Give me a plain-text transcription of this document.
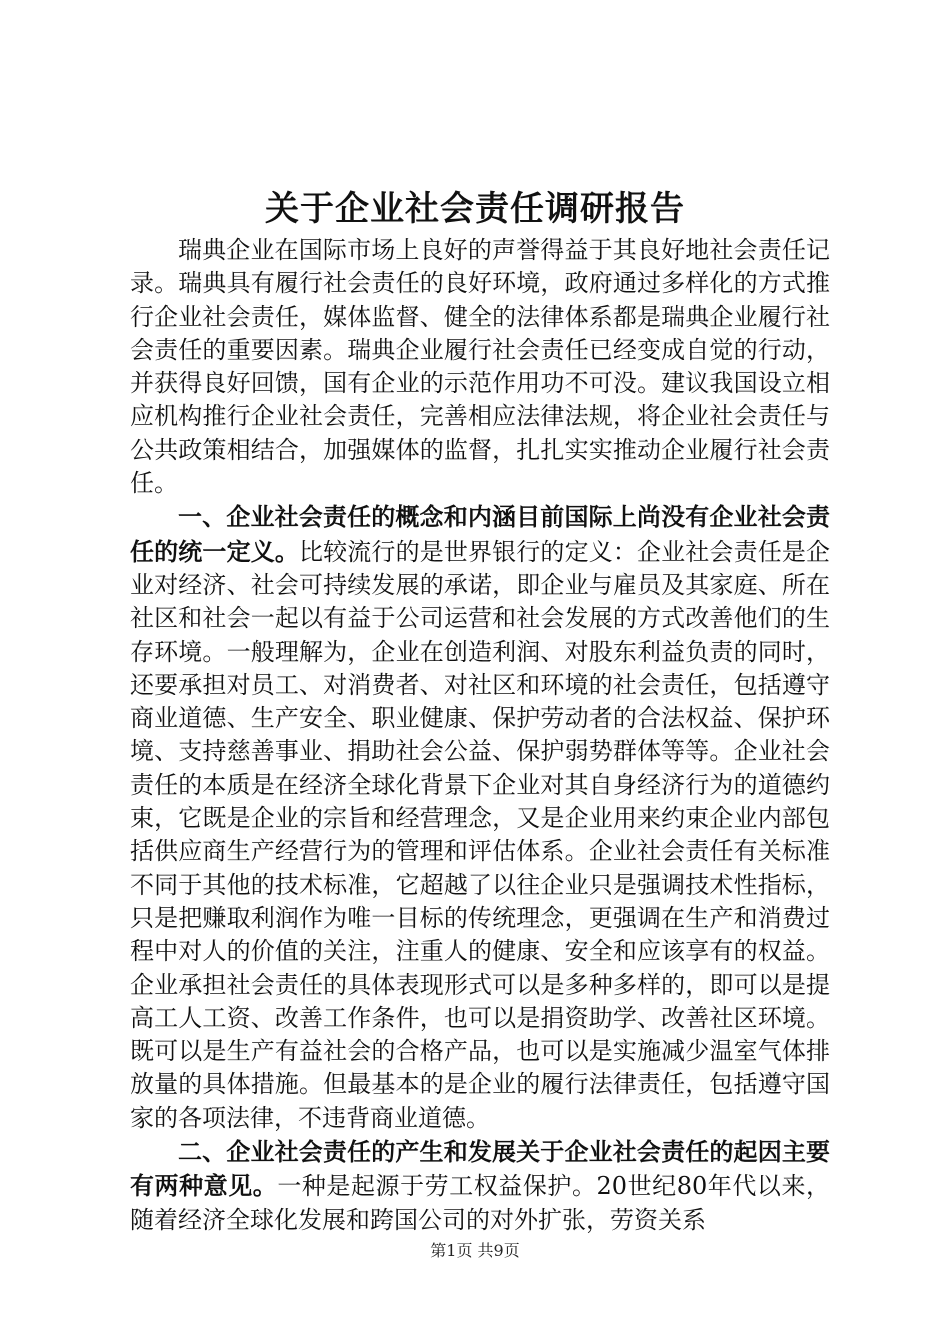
关于企业社会责任调研报告

瑞典企业在国际市场上良好的声誉得益于其良好地社会责任记录。瑞典具有履行社会责任的良好环境，政府通过多样化的方式推行企业社会责任，媒体监督、健全的法律体系都是瑞典企业履行社会责任的重要因素。瑞典企业履行社会责任已经变成自觉的行动，并获得良好回馈，国有企业的示范作用功不可没。建议我国设立相应机构推行企业社会责任，完善相应法律法规，将企业社会责任与公共政策相结合，加强媒体的监督，扎扎实实推动企业履行社会责任。

一、企业社会责任的概念和内涵目前国际上尚没有企业社会责任的统一定义。比较流行的是世界银行的定义：企业社会责任是企业对经济、社会可持续发展的承诺，即企业与雇员及其家庭、所在社区和社会一起以有益于公司运营和社会发展的方式改善他们的生存环境。一般理解为，企业在创造利润、对股东利益负责的同时，还要承担对员工、对消费者、对社区和环境的社会责任，包括遵守商业道德、生产安全、职业健康、保护劳动者的合法权益、保护环境、支持慈善事业、捐助社会公益、保护弱势群体等等。企业社会责任的本质是在经济全球化背景下企业对其自身经济行为的道德约束，它既是企业的宗旨和经营理念，又是企业用来约束企业内部包括供应商生产经营行为的管理和评估体系。企业社会责任有关标准不同于其他的技术标准，它超越了以往企业只是强调技术性指标，只是把赚取利润作为唯一目标的传统理念，更强调在生产和消费过程中对人的价值的关注，注重人的健康、安全和应该享有的权益。企业承担社会责任的具体表现形式可以是多种多样的，即可以是提高工人工资、改善工作条件，也可以是捐资助学、改善社区环境。既可以是生产有益社会的合格产品，也可以是实施减少温室气体排放量的具体措施。但最基本的是企业的履行法律责任，包括遵守国家的各项法律，不违背商业道德。

二、企业社会责任的产生和发展关于企业社会责任的起因主要有两种意见。一种是起源于劳工权益保护。20世纪80年代以来，随着经济全球化发展和跨国公司的对外扩张，劳资关系

第1页 共9页
